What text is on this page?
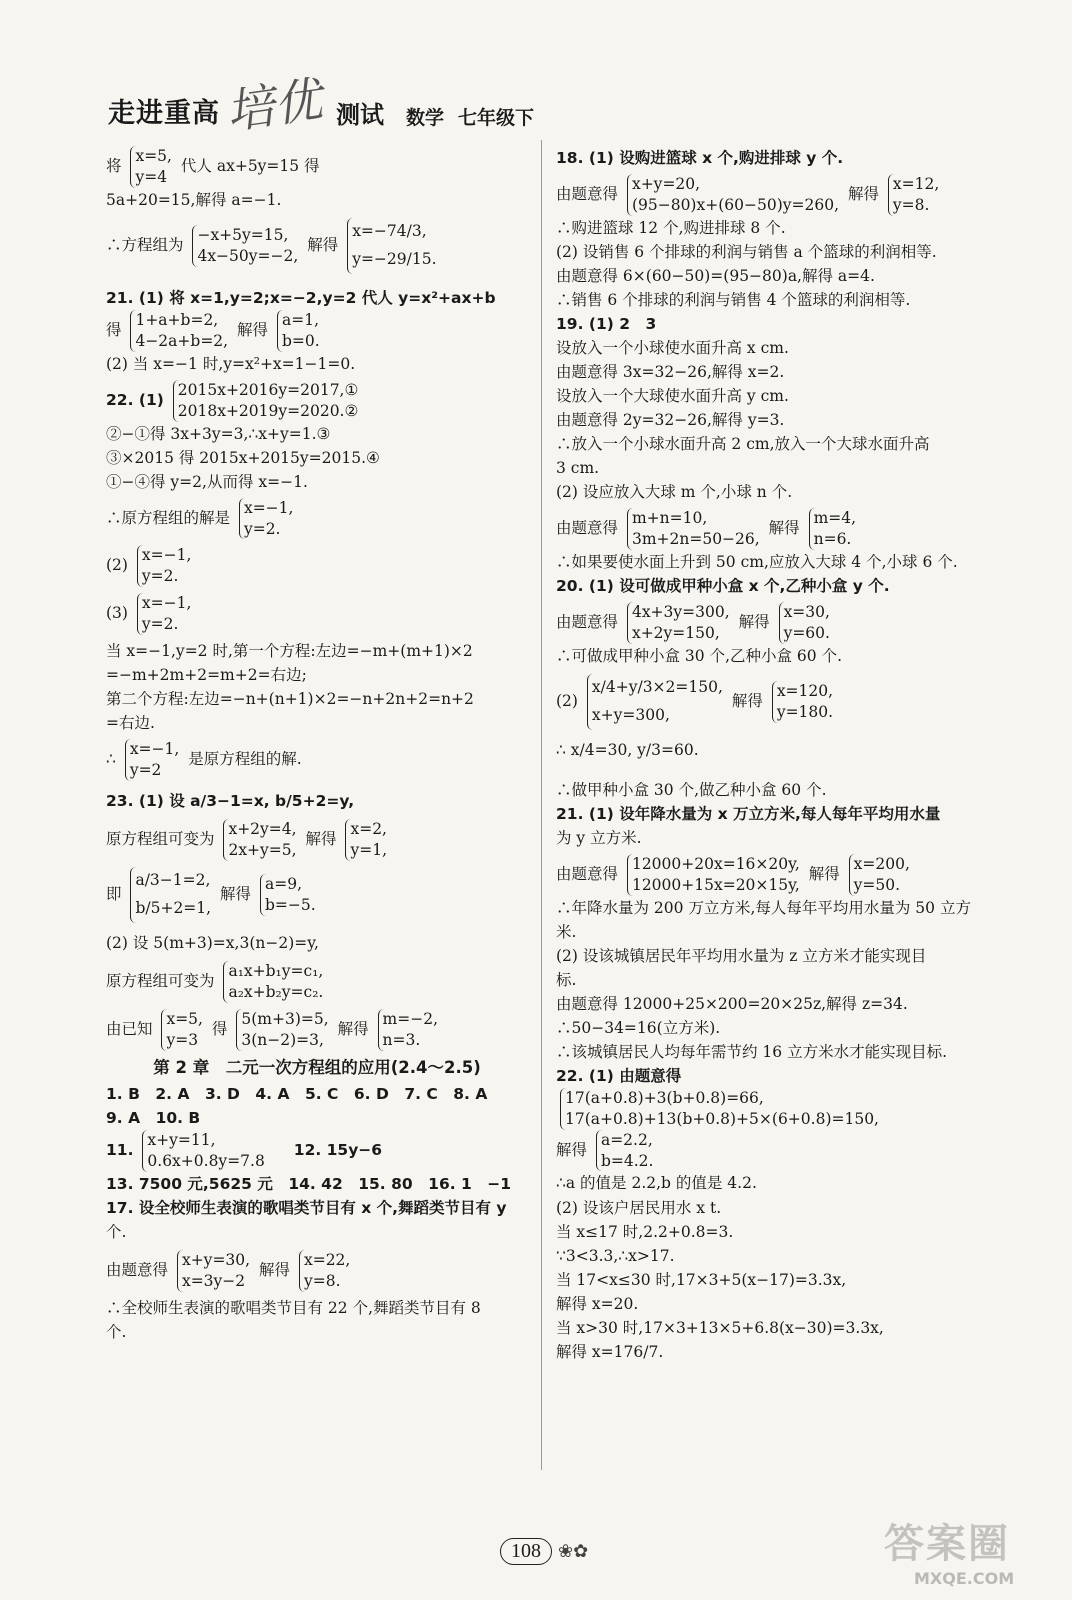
走进重高 培优 测试 数学 七年级下
将 x=5,
y=4 代人 ax+5y=15 得
5a+20=15,解得 a=−1.
∴方程组为 −x+5y=15,
4x−50y=−2, 解得 x=−74/3,
y=−29/15.
21. (1) 将 x=1,y=2;x=−2,y=2 代人 y=x²+ax+b
得 1+a+b=2,
4−2a+b=2, 解得 a=1,
b=0.
(2) 当 x=−1 时,y=x²+x=1−1=0.
22. (1) 2015x+2016y=2017,①
2018x+2019y=2020.②
②−①得 3x+3y=3,∴x+y=1.③
③×2015 得 2015x+2015y=2015.④
①−④得 y=2,从而得 x=−1.
∴原方程组的解是 x=−1,
y=2.
(2) x=−1,
y=2.
(3) x=−1,
y=2.
当 x=−1,y=2 时,第一个方程:左边=−m+(m+1)×2
=−m+2m+2=m+2=右边;
第二个方程:左边=−n+(n+1)×2=−n+2n+2=n+2
=右边.
∴ x=−1,
y=2 是原方程组的解.
23. (1) 设 a/3−1=x, b/5+2=y,
原方程组可变为 x+2y=4,
2x+y=5, 解得 x=2,
y=1,
即 a/3−1=2,
b/5+2=1, 解得 a=9,
b=−5.
(2) 设 5(m+3)=x,3(n−2)=y,
原方程组可变为 a₁x+b₁y=c₁,
a₂x+b₂y=c₂.
由已知 x=5,
y=3 得 5(m+3)=5,
3(n−2)=3, 解得 m=−2,
n=3.
第 2 章　二元一次方程组的应用(2.4～2.5)
1. B　2. A　3. D　4. A　5. C　6. D　7. C　8. A
9. A　10. B
11. x+y=11,
0.6x+0.8y=7.8 12. 15y−6
13. 7500 元,5625 元　14. 42　15. 80　16. 1　−1
17. 设全校师生表演的歌唱类节目有 x 个,舞蹈类节目有 y
个.
由题意得 x+y=30,
x=3y−2 解得 x=22,
y=8.
∴全校师生表演的歌唱类节目有 22 个,舞蹈类节目有 8
个.
18. (1) 设购进篮球 x 个,购进排球 y 个.
由题意得 x+y=20,
(95−80)x+(60−50)y=260, 解得 x=12,
y=8.
∴购进篮球 12 个,购进排球 8 个.
(2) 设销售 6 个排球的利润与销售 a 个篮球的利润相等.
由题意得 6×(60−50)=(95−80)a,解得 a=4.
∴销售 6 个排球的利润与销售 4 个篮球的利润相等.
19. (1) 2　3
设放入一个小球使水面升高 x cm.
由题意得 3x=32−26,解得 x=2.
设放入一个大球使水面升高 y cm.
由题意得 2y=32−26,解得 y=3.
∴放入一个小球水面升高 2 cm,放入一个大球水面升高
3 cm.
(2) 设应放入大球 m 个,小球 n 个.
由题意得 m+n=10,
3m+2n=50−26, 解得 m=4,
n=6.
∴如果要使水面上升到 50 cm,应放入大球 4 个,小球 6 个.
20. (1) 设可做成甲种小盒 x 个,乙种小盒 y 个.
由题意得 4x+3y=300,
x+2y=150, 解得 x=30,
y=60.
∴可做成甲种小盒 30 个,乙种小盒 60 个.
(2) x/4+y/3×2=150,
x+y=300, 解得 x=120,
y=180.
∴ x/4=30, y/3=60.
∴做甲种小盒 30 个,做乙种小盒 60 个.
21. (1) 设年降水量为 x 万立方米,每人每年平均用水量
为 y 立方米.
由题意得 12000+20x=16×20y,
12000+15x=20×15y, 解得 x=200,
y=50.
∴年降水量为 200 万立方米,每人每年平均用水量为 50 立方
米.
(2) 设该城镇居民年平均用水量为 z 立方米才能实现目
标.
由题意得 12000+25×200=20×25z,解得 z=34.
∴50−34=16(立方米).
∴该城镇居民人均每年需节约 16 立方米水才能实现目标.
22. (1) 由题意得
17(a+0.8)+3(b+0.8)=66,
17(a+0.8)+13(b+0.8)+5×(6+0.8)=150,
解得 a=2.2,
b=4.2.
∴a 的值是 2.2,b 的值是 4.2.
(2) 设该户居民用水 x t.
当 x≤17 时,2.2+0.8=3.
∵3<3.3,∴x>17.
当 17<x≤30 时,17×3+5(x−17)=3.3x,
解得 x=20.
当 x>30 时,17×3+13×5+6.8(x−30)=3.3x,
解得 x=176/7.
108 ❀✿	答案圈
MXQE.COM
